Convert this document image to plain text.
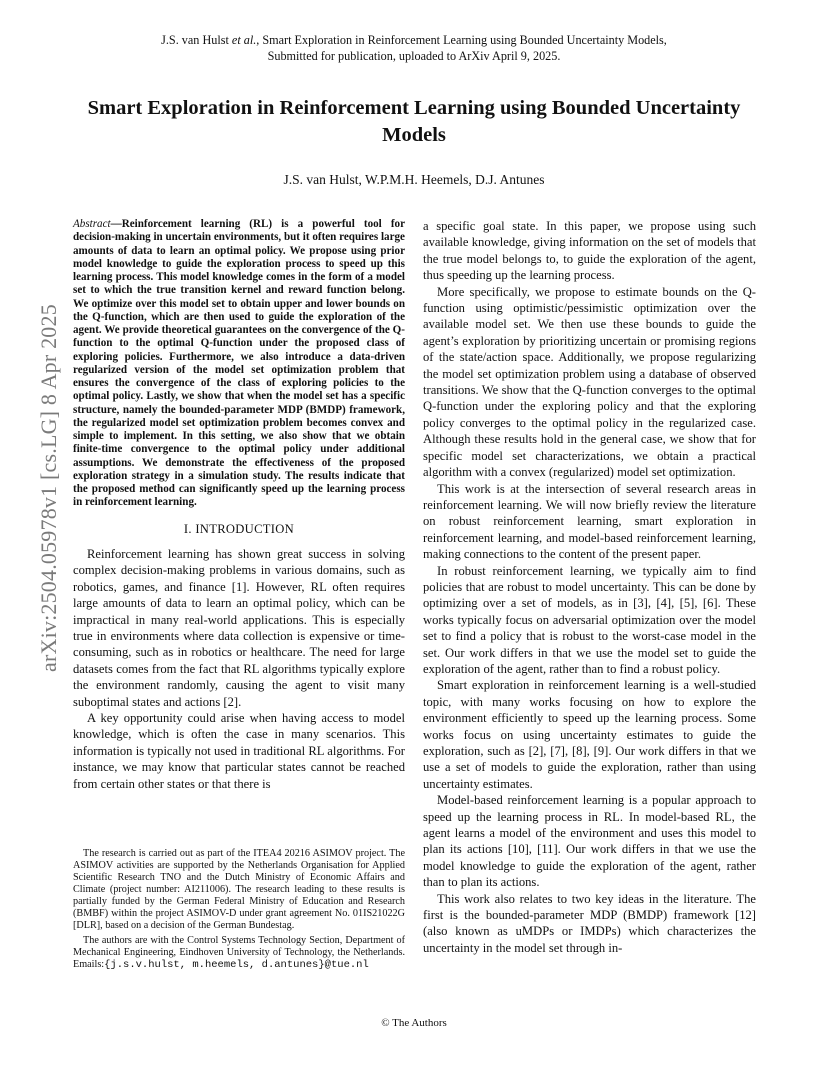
J.S. van Hulst et al., Smart Exploration in Reinforcement Learning using Bounded Uncertainty Models,
Submitted for publication, uploaded to ArXiv April 9, 2025.
Smart Exploration in Reinforcement Learning using Bounded Uncertainty Models
J.S. van Hulst, W.P.M.H. Heemels, D.J. Antunes
arXiv:2504.05978v1 [cs.LG] 8 Apr 2025
Abstract—Reinforcement learning (RL) is a powerful tool for decision-making in uncertain environments, but it often requires large amounts of data to learn an optimal policy. We propose using prior model knowledge to guide the exploration process to speed up this learning process. This model knowledge comes in the form of a model set to which the true transition kernel and reward function belong. We optimize over this model set to obtain upper and lower bounds on the Q-function, which are then used to guide the exploration of the agent. We provide theoretical guarantees on the convergence of the Q-function to the optimal Q-function under the proposed class of exploring policies. Furthermore, we also introduce a data-driven regularized version of the model set optimization problem that ensures the convergence of the class of exploring policies to the optimal policy. Lastly, we show that when the model set has a specific structure, namely the bounded-parameter MDP (BMDP) framework, the regularized model set optimization problem becomes convex and simple to implement. In this setting, we also show that we obtain finite-time convergence to the optimal policy under additional assumptions. We demonstrate the effectiveness of the proposed exploration strategy in a simulation study. The results indicate that the proposed method can significantly speed up the learning process in reinforcement learning.
I. INTRODUCTION

Reinforcement learning has shown great success in solving complex decision-making problems in various domains, such as robotics, games, and finance [1]. However, RL often requires large amounts of data to learn an optimal policy, which can be impractical in many real-world applications. This is especially true in environments where data collection is expensive or time-consuming, such as in robotics or healthcare. The need for large datasets comes from the fact that RL algorithms typically explore the environment randomly, causing the agent to visit many suboptimal states and actions [2].

A key opportunity could arise when having access to model knowledge, which is often the case in many scenarios. This information is typically not used in traditional RL algorithms. For instance, we may know that particular states cannot be reached from certain other states or that there is

The research is carried out as part of the ITEA4 20216 ASIMOV project. The ASIMOV activities are supported by the Netherlands Organisation for Applied Scientific Research TNO and the Dutch Ministry of Economic Affairs and Climate (project number: AI211006). The research leading to these results is partially funded by the German Federal Ministry of Education and Research (BMBF) within the project ASIMOV-D under grant agreement No. 01IS21022G [DLR], based on a decision of the German Bundestag.

The authors are with the Control Systems Technology Section, Department of Mechanical Engineering, Eindhoven University of Technology, the Netherlands. Emails:{j.s.v.hulst, m.heemels, d.antunes}@tue.nl

a specific goal state. In this paper, we propose using such available knowledge, giving information on the set of models that the true model belongs to, to guide the exploration of the agent, thus speeding up the learning process.

More specifically, we propose to estimate bounds on the Q-function using optimistic/pessimistic optimization over the available model set. We then use these bounds to guide the agent’s exploration by prioritizing uncertain or promising regions of the state/action space. Additionally, we propose regularizing the model set optimization problem using a database of observed transitions. We show that the Q-function converges to the optimal Q-function under the exploring policy and that the exploring policy converges to the optimal policy in the regularized case. Although these results hold in the general case, we show that for specific model set characterizations, we obtain a practical algorithm with a convex (regularized) model set optimization.

This work is at the intersection of several research areas in reinforcement learning. We will now briefly review the literature on robust reinforcement learning, smart exploration in reinforcement learning, and model-based reinforcement learning, making connections to the content of the present paper.

In robust reinforcement learning, we typically aim to find policies that are robust to model uncertainty. This can be done by optimizing over a set of models, as in [3], [4], [5], [6]. These works typically focus on adversarial optimization over the model set to find a policy that is robust to the worst-case model in the set. Our work differs in that we use the model set to guide the exploration of the agent, rather than to find a robust policy.

Smart exploration in reinforcement learning is a well-studied topic, with many works focusing on how to explore the environment efficiently to speed up the learning process. Some works focus on using uncertainty estimates to guide the exploration, such as [2], [7], [8], [9]. Our work differs in that we use a set of models to guide the exploration, rather than using uncertainty estimates.

Model-based reinforcement learning is a popular approach to speed up the learning process in RL. In model-based RL, the agent learns a model of the environment and uses this model to plan its actions [10], [11]. Our work differs in that we use the model knowledge to guide the exploration of the agent, rather than to plan its actions.

This work also relates to two key ideas in the literature. The first is the bounded-parameter MDP (BMDP) framework [12] (also known as uMDPs or IMDPs) which characterizes the uncertainty in the model set through in-

© The Authors
